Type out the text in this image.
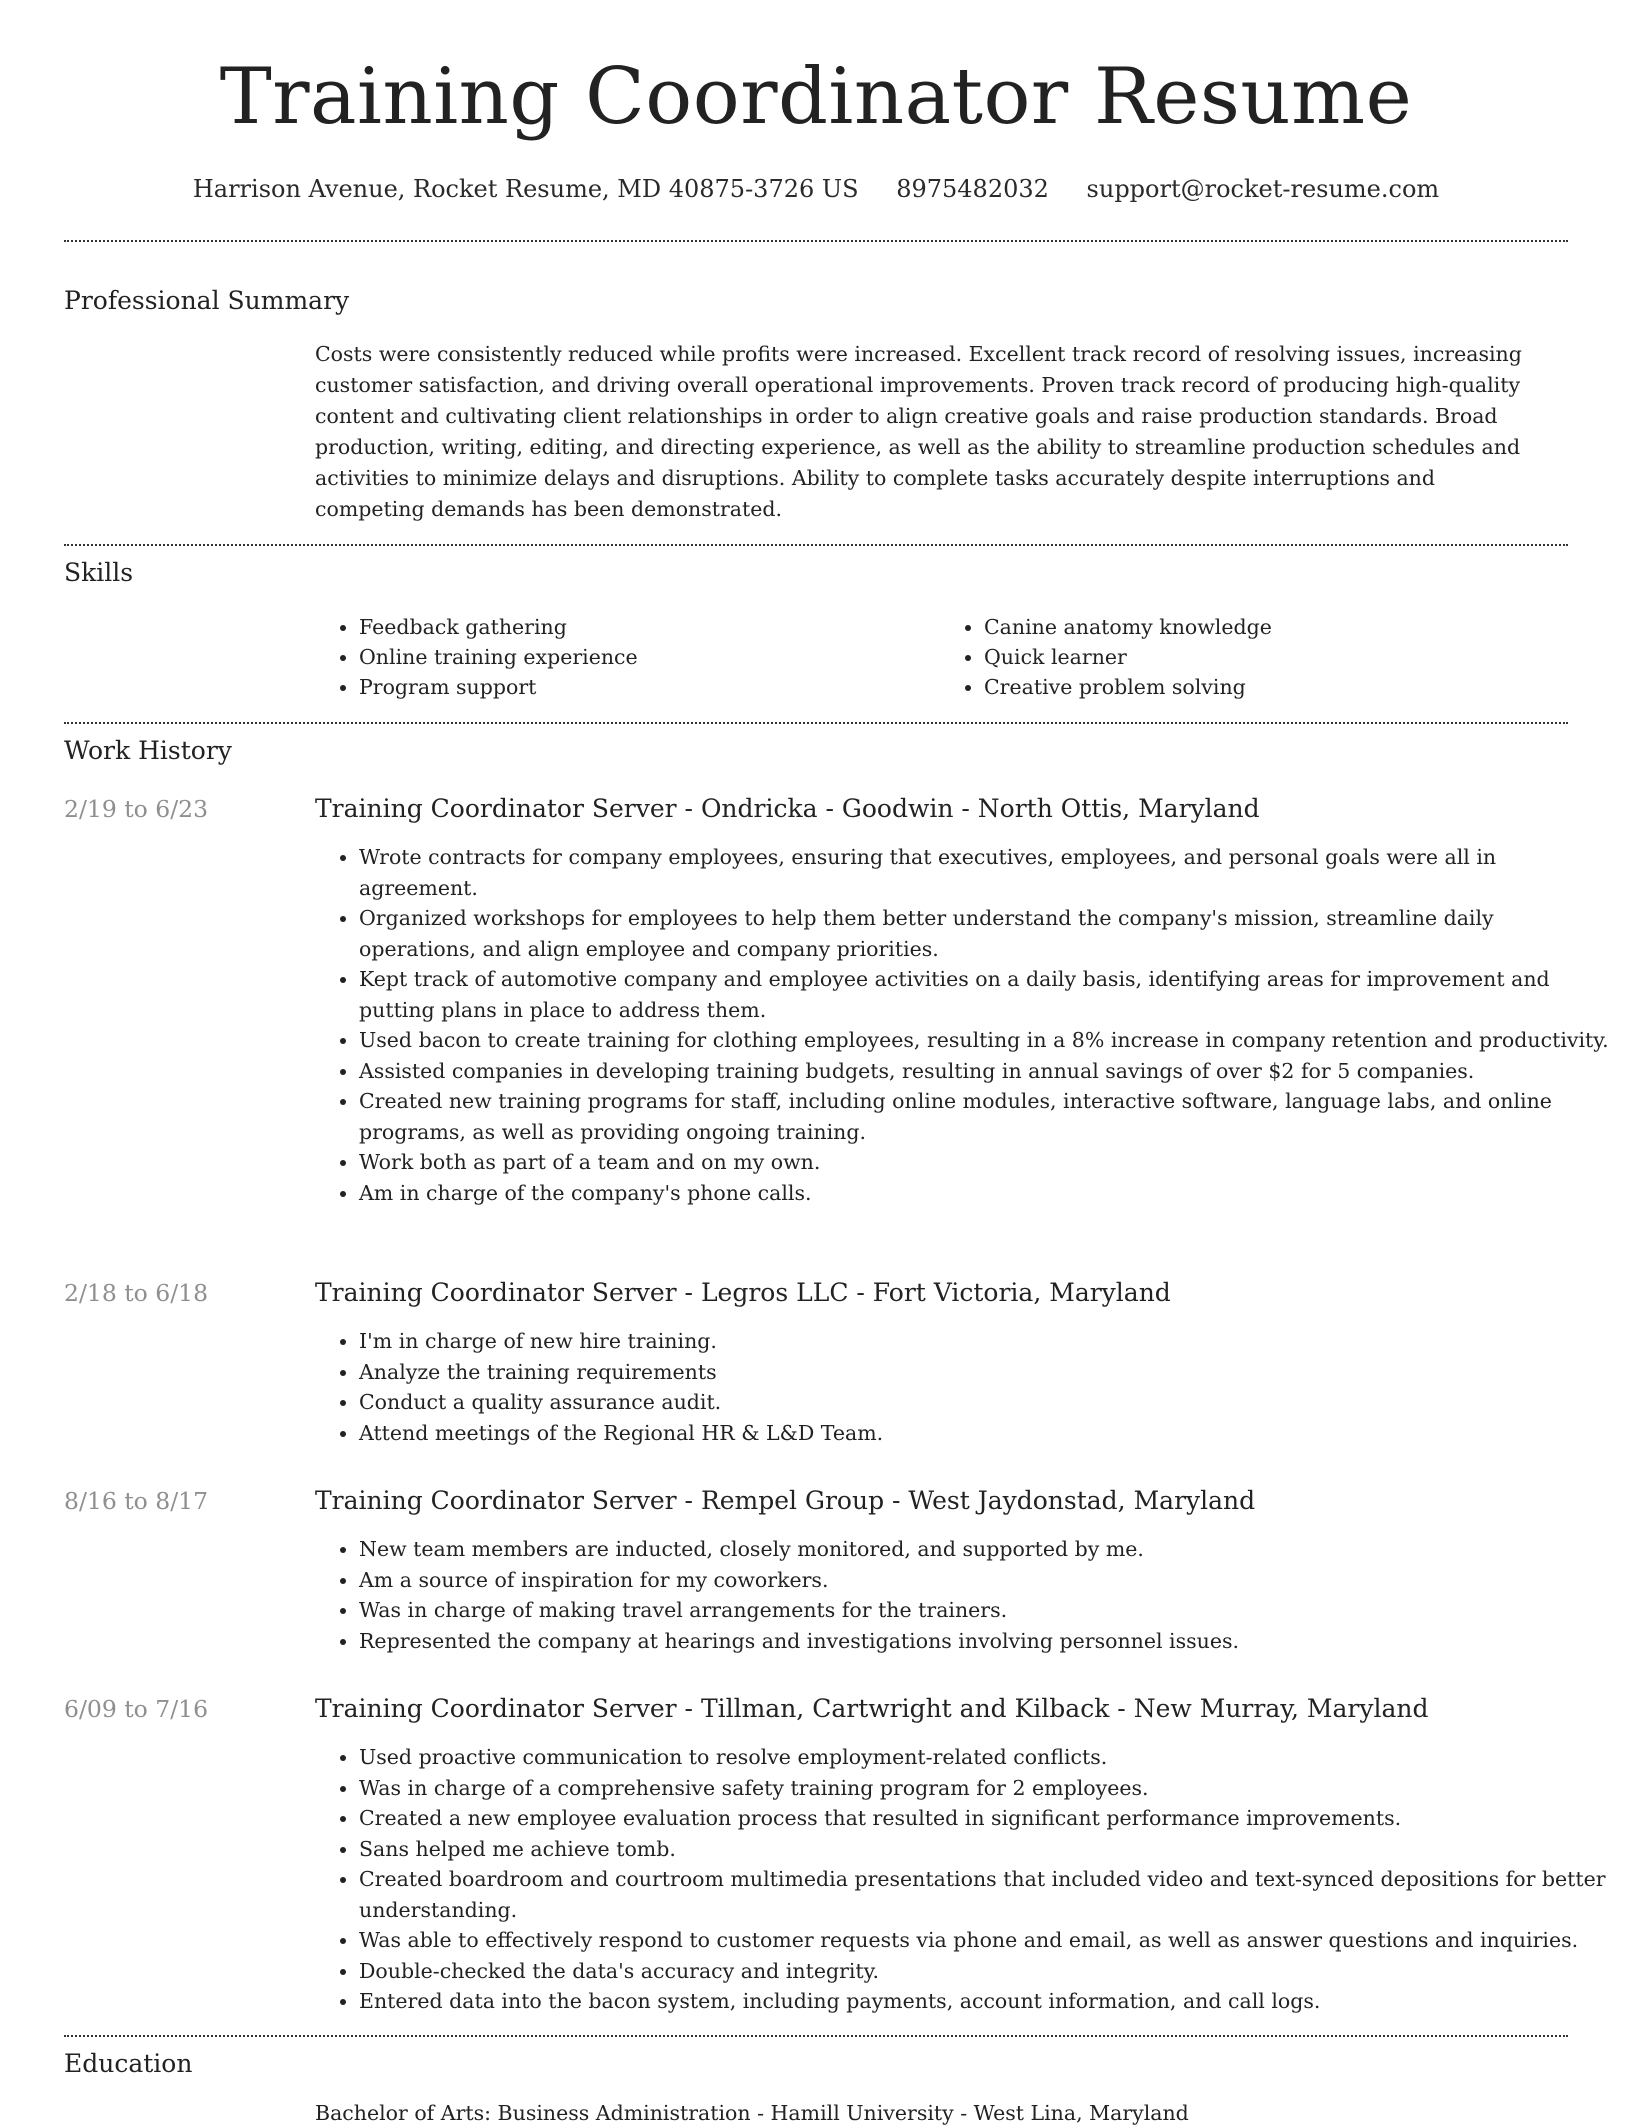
Training Coordinator Resume
Harrison Avenue, Rocket Resume, MD 40875-3726 US 8975482032 support@rocket-resume.com
Professional Summary

Costs were consistently reduced while profits were increased. Excellent track record of resolving issues, increasing customer satisfaction, and driving overall operational improvements. Proven track record of producing high-quality content and cultivating client relationships in order to align creative goals and raise production standards. Broad production, writing, editing, and directing experience, as well as the ability to streamline production schedules and activities to minimize delays and disruptions. Ability to complete tasks accurately despite interruptions and competing demands has been demonstrated.

Skills
• Feedback gathering
• Online training experience
• Program support
• Canine anatomy knowledge
• Quick learner
• Creative problem solving
Work History
2/19 to 6/23	Training Coordinator Server - Ondricka - Goodwin - North Ottis, Maryland
• Wrote contracts for company employees, ensuring that executives, employees, and personal goals were all in agreement.
• Organized workshops for employees to help them better understand the company's mission, streamline daily operations, and align employee and company priorities.
• Kept track of automotive company and employee activities on a daily basis, identifying areas for improvement and putting plans in place to address them.
• Used bacon to create training for clothing employees, resulting in a 8% increase in company retention and productivity.
• Assisted companies in developing training budgets, resulting in annual savings of over $2 for 5 companies.
• Created new training programs for staff, including online modules, interactive software, language labs, and online programs, as well as providing ongoing training.
• Work both as part of a team and on my own.
• Am in charge of the company's phone calls.
2/18 to 6/18	Training Coordinator Server - Legros LLC - Fort Victoria, Maryland
• I'm in charge of new hire training.
• Analyze the training requirements
• Conduct a quality assurance audit.
• Attend meetings of the Regional HR & L&D Team.
8/16 to 8/17	Training Coordinator Server - Rempel Group - West Jaydonstad, Maryland
• New team members are inducted, closely monitored, and supported by me.
• Am a source of inspiration for my coworkers.
• Was in charge of making travel arrangements for the trainers.
• Represented the company at hearings and investigations involving personnel issues.
6/09 to 7/16	Training Coordinator Server - Tillman, Cartwright and Kilback - New Murray, Maryland
• Used proactive communication to resolve employment-related conflicts.
• Was in charge of a comprehensive safety training program for 2 employees.
• Created a new employee evaluation process that resulted in significant performance improvements.
• Sans helped me achieve tomb.
• Created boardroom and courtroom multimedia presentations that included video and text-synced depositions for better understanding.
• Was able to effectively respond to customer requests via phone and email, as well as answer questions and inquiries.
• Double-checked the data's accuracy and integrity.
• Entered data into the bacon system, including payments, account information, and call logs.
Education
Bachelor of Arts: Business Administration - Hamill University - West Lina, Maryland
